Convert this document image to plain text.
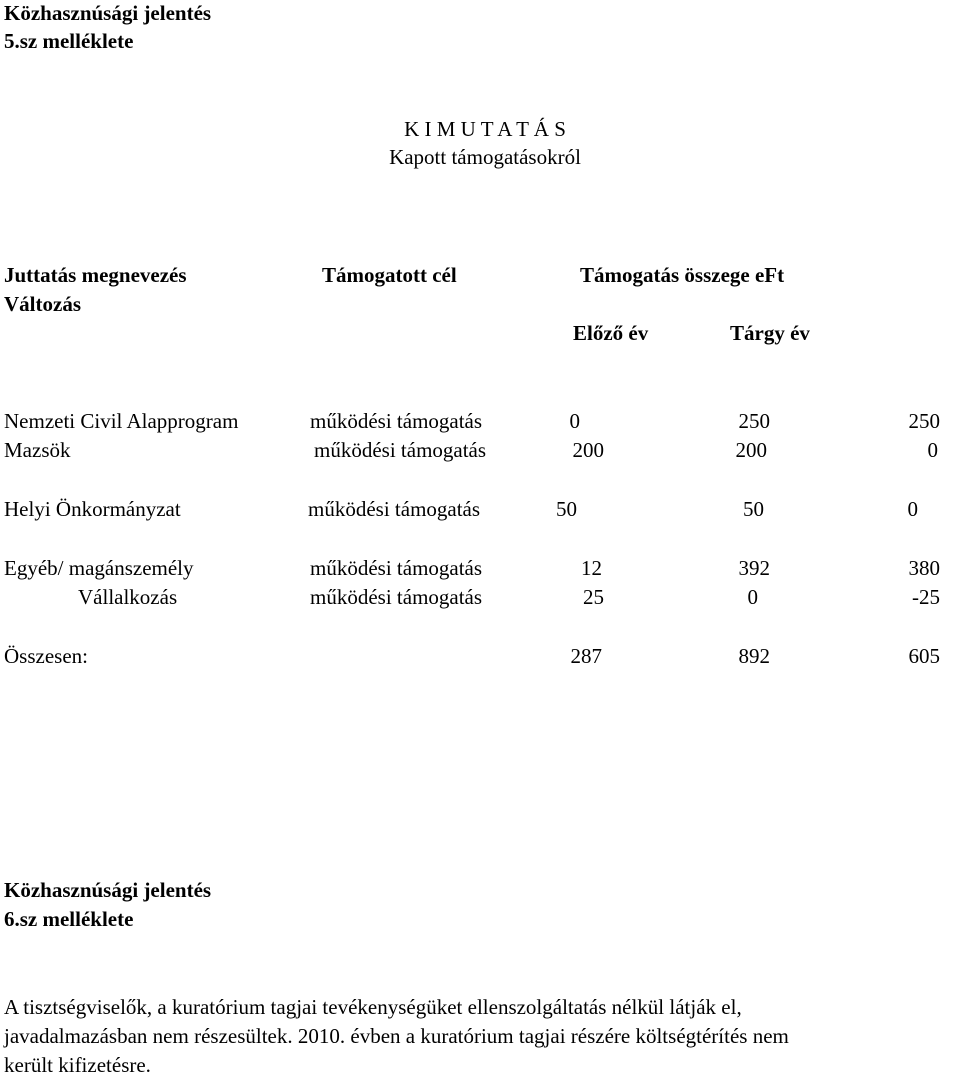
Közhasznúsági jelentés
5.sz melléklete
K I M U T A T Á S
Kapott támogatásokról
Juttatás megnevezés	Támogatott cél	Támogatás összege eFt
Változás
Előző év	Tárgy év
Nemzeti Civil Alapprogram	működési támogatás	0	250	250
Mazsök	működési támogatás	200	200	0
Helyi Önkormányzat	működési támogatás	50	50	0
Egyéb/ magánszemély	működési támogatás	12	392	380
Vállalkozás	működési támogatás	25	0	-25
Összesen:	287	892	605
Közhasznúsági jelentés
6.sz melléklete
A tisztségviselők, a kuratórium tagjai tevékenységüket ellenszolgáltatás nélkül látják el,
javadalmazásban nem részesültek. 2010. évben a kuratórium tagjai részére költségtérítés nem
került kifizetésre.
